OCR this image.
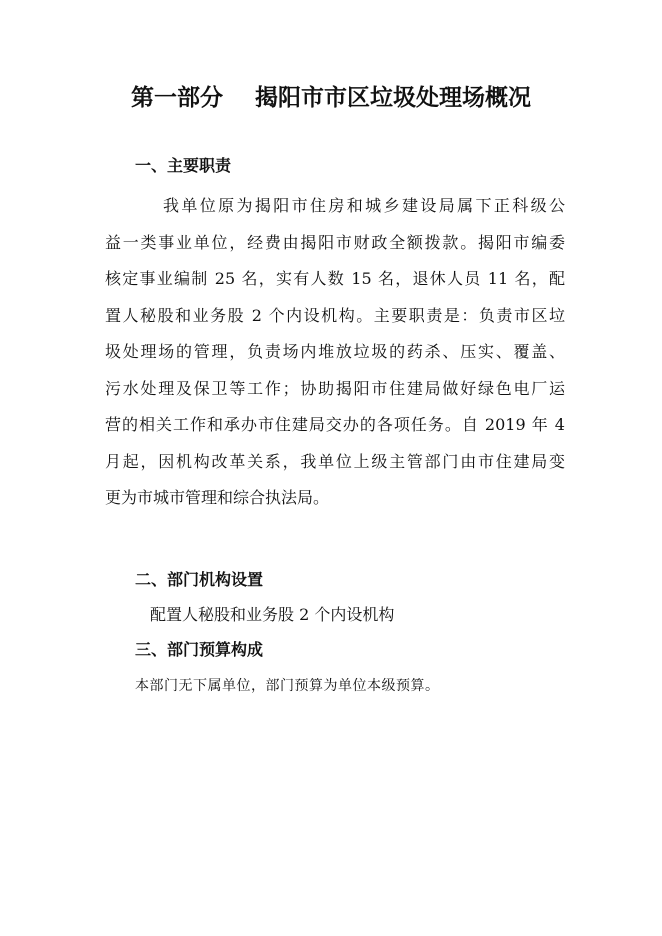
第一部分    揭阳市市区垃圾处理场概况
一、主要职责
我单位原为揭阳市住房和城乡建设局属下正科级公
益一类事业单位，经费由揭阳市财政全额拨款。揭阳市编委
核定事业编制 25 名，实有人数 15 名，退休人员 11 名，配
置人秘股和业务股 2 个内设机构。主要职责是：负责市区垃
圾处理场的管理，负责场内堆放垃圾的药杀、压实、覆盖、
污水处理及保卫等工作；协助揭阳市住建局做好绿色电厂运
营的相关工作和承办市住建局交办的各项任务。自 2019 年 4
月起，因机构改革关系，我单位上级主管部门由市住建局变
更为市城市管理和综合执法局。
二、部门机构设置
配置人秘股和业务股 2 个内设机构
三、部门预算构成
本部门无下属单位，部门预算为单位本级预算。
